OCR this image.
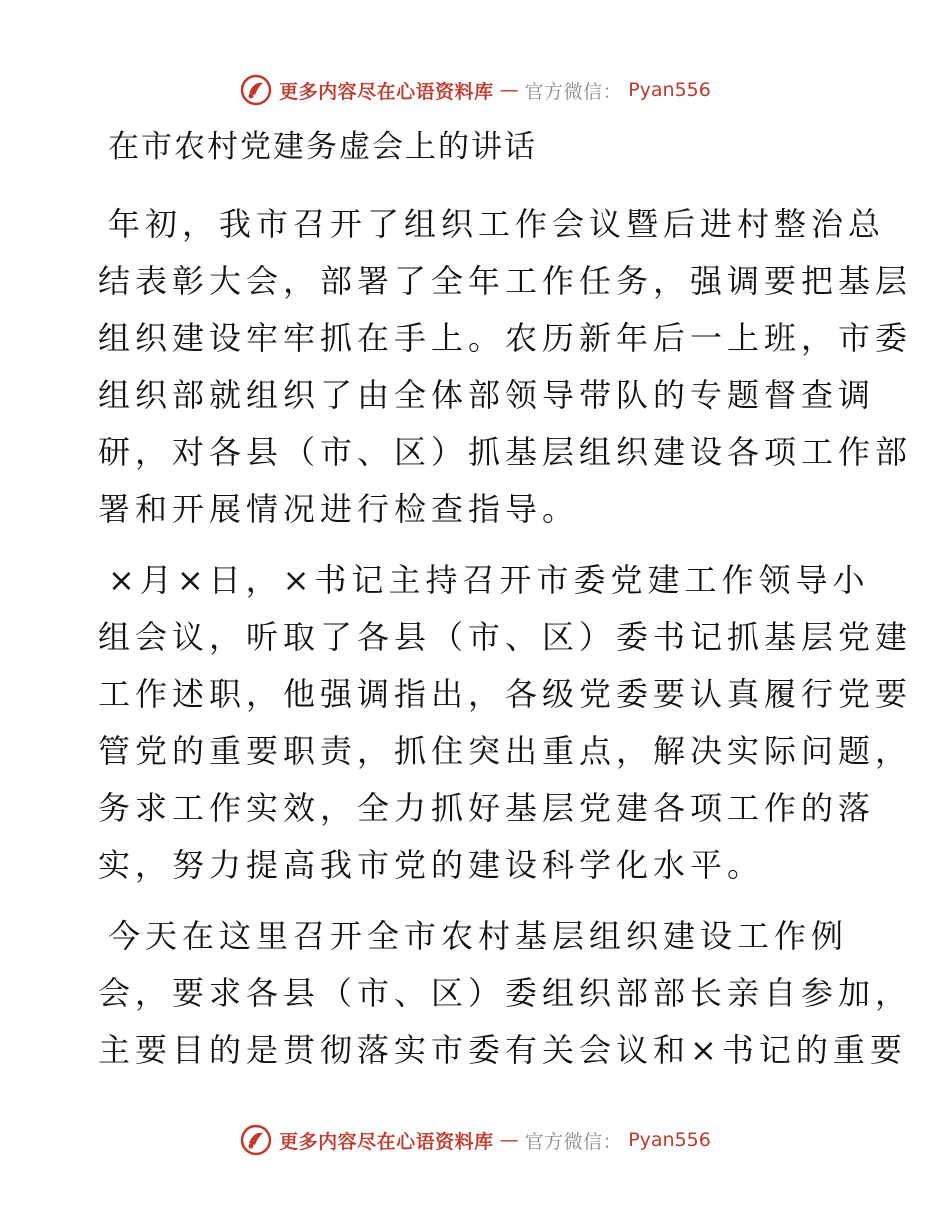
更多内容尽在心语资料库 — 官方微信： Pyan556
在市农村党建务虚会上的讲话
年初，我市召开了组织工作会议暨后进村整治总
结表彰大会，部署了全年工作任务，强调要把基层
组织建设牢牢抓在手上。农历新年后一上班，市委
组织部就组织了由全体部领导带队的专题督查调
研，对各县（市、区）抓基层组织建设各项工作部
署和开展情况进行检查指导。
×月×日，×书记主持召开市委党建工作领导小
组会议，听取了各县（市、区）委书记抓基层党建
工作述职，他强调指出，各级党委要认真履行党要
管党的重要职责，抓住突出重点，解决实际问题，
务求工作实效，全力抓好基层党建各项工作的落
实，努力提高我市党的建设科学化水平。
今天在这里召开全市农村基层组织建设工作例
会，要求各县（市、区）委组织部部长亲自参加，
主要目的是贯彻落实市委有关会议和×书记的重要
更多内容尽在心语资料库 — 官方微信： Pyan556
